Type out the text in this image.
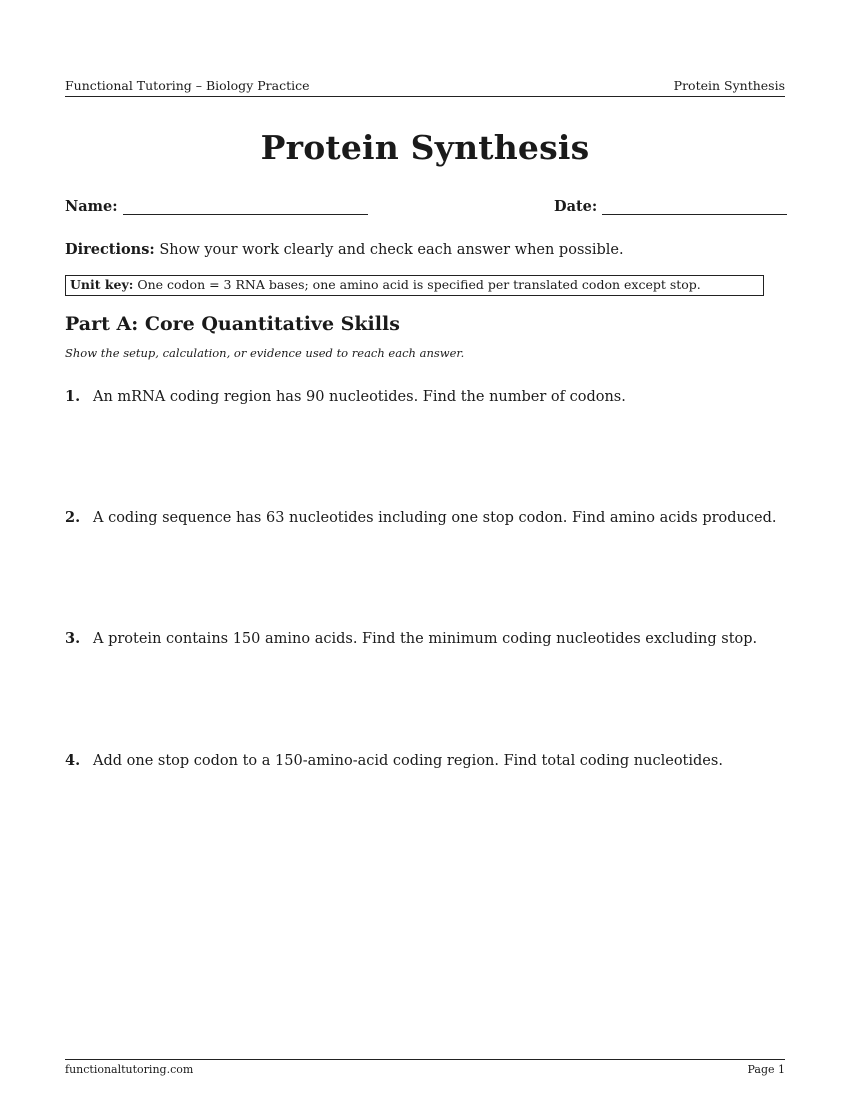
Functional Tutoring – Biology Practice	Protein Synthesis
Protein Synthesis
Name:	Date:
Directions: Show your work clearly and check each answer when possible.
Unit key: One codon = 3 RNA bases; one amino acid is specified per translated codon except stop.
Part A: Core Quantitative Skills
Show the setup, calculation, or evidence used to reach each answer.
1. An mRNA coding region has 90 nucleotides. Find the number of codons.
2. A coding sequence has 63 nucleotides including one stop codon. Find amino acids produced.
3. A protein contains 150 amino acids. Find the minimum coding nucleotides excluding stop.
4. Add one stop codon to a 150-amino-acid coding region. Find total coding nucleotides.
functionaltutoring.com	Page 1
